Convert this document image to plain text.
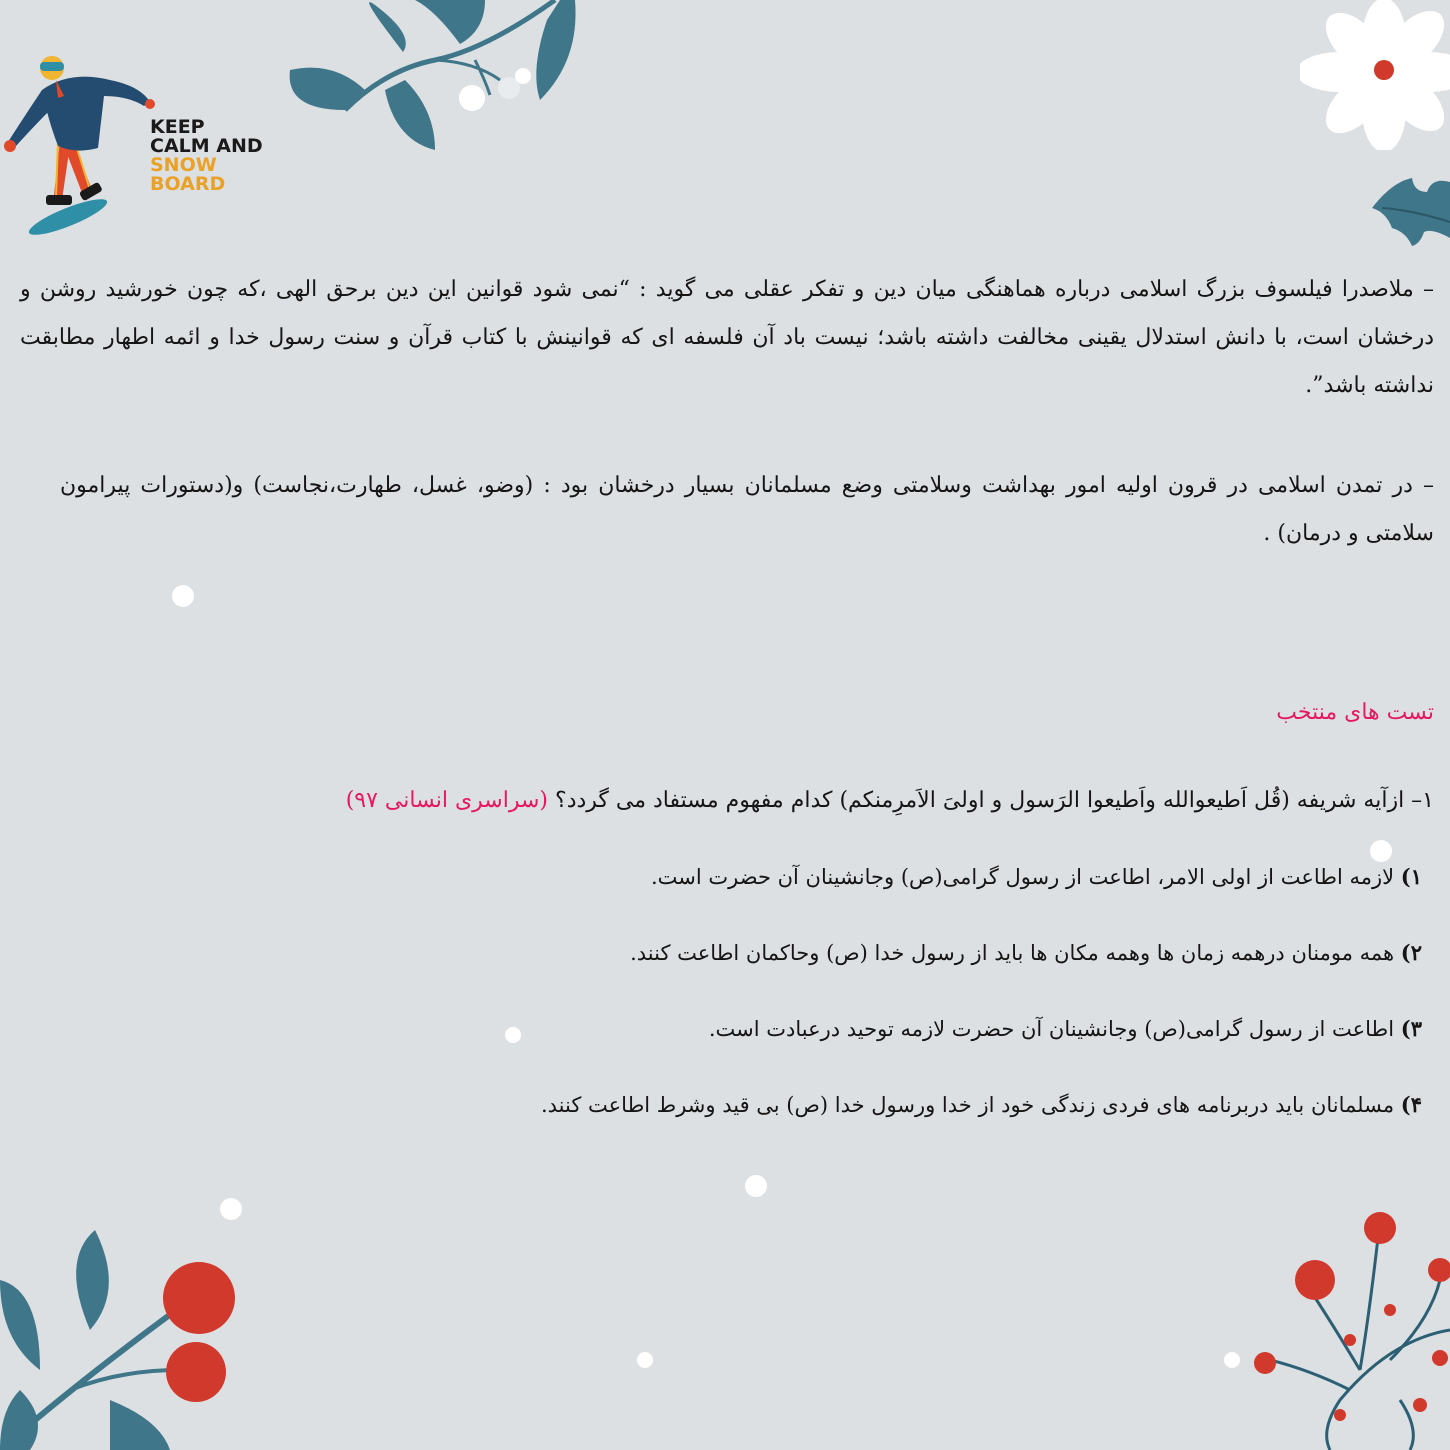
KEEP
CALM AND
SNOW
BOARD

– ملاصدرا فیلسوف بزرگ اسلامی درباره هماهنگی میان دین و تفکر عقلی می گوید : “نمی شود قوانین این دین برحق الهی ،که چون خورشید روشن و درخشان است، با دانش استدلال یقینی مخالفت داشته باشد؛ نیست باد آن فلسفه ای که قوانینش با کتاب قرآن و سنت رسول خدا و ائمه اطهار مطابقت نداشته باشد”.

– در تمدن اسلامی در قرون اولیه امور بهداشت وسلامتی وضع مسلمانان بسیار درخشان بود : (وضو، غسل، طهارت،نجاست) و(دستورات پیرامون سلامتی و درمان) .

تست های منتخب
۱– ازآیه شریفه (قُل اَطیعوالله واَطیعوا الرَسول و اولیَ الاَمرِمنکم) کدام مفهوم مستفاد می گردد؟ (سراسری انسانی ۹۷)
۱) لازمه اطاعت از اولی الامر، اطاعت از رسول گرامی(ص) وجانشینان آن حضرت است.
۲) همه مومنان درهمه زمان ها وهمه مکان ها باید از رسول خدا (ص) وحاکمان اطاعت کنند.
۳) اطاعت از رسول گرامی(ص) وجانشینان آن حضرت لازمه توحید درعبادت است.
۴) مسلمانان باید دربرنامه های فردی زندگی خود از خدا ورسول خدا (ص) بی قید وشرط اطاعت کنند.
